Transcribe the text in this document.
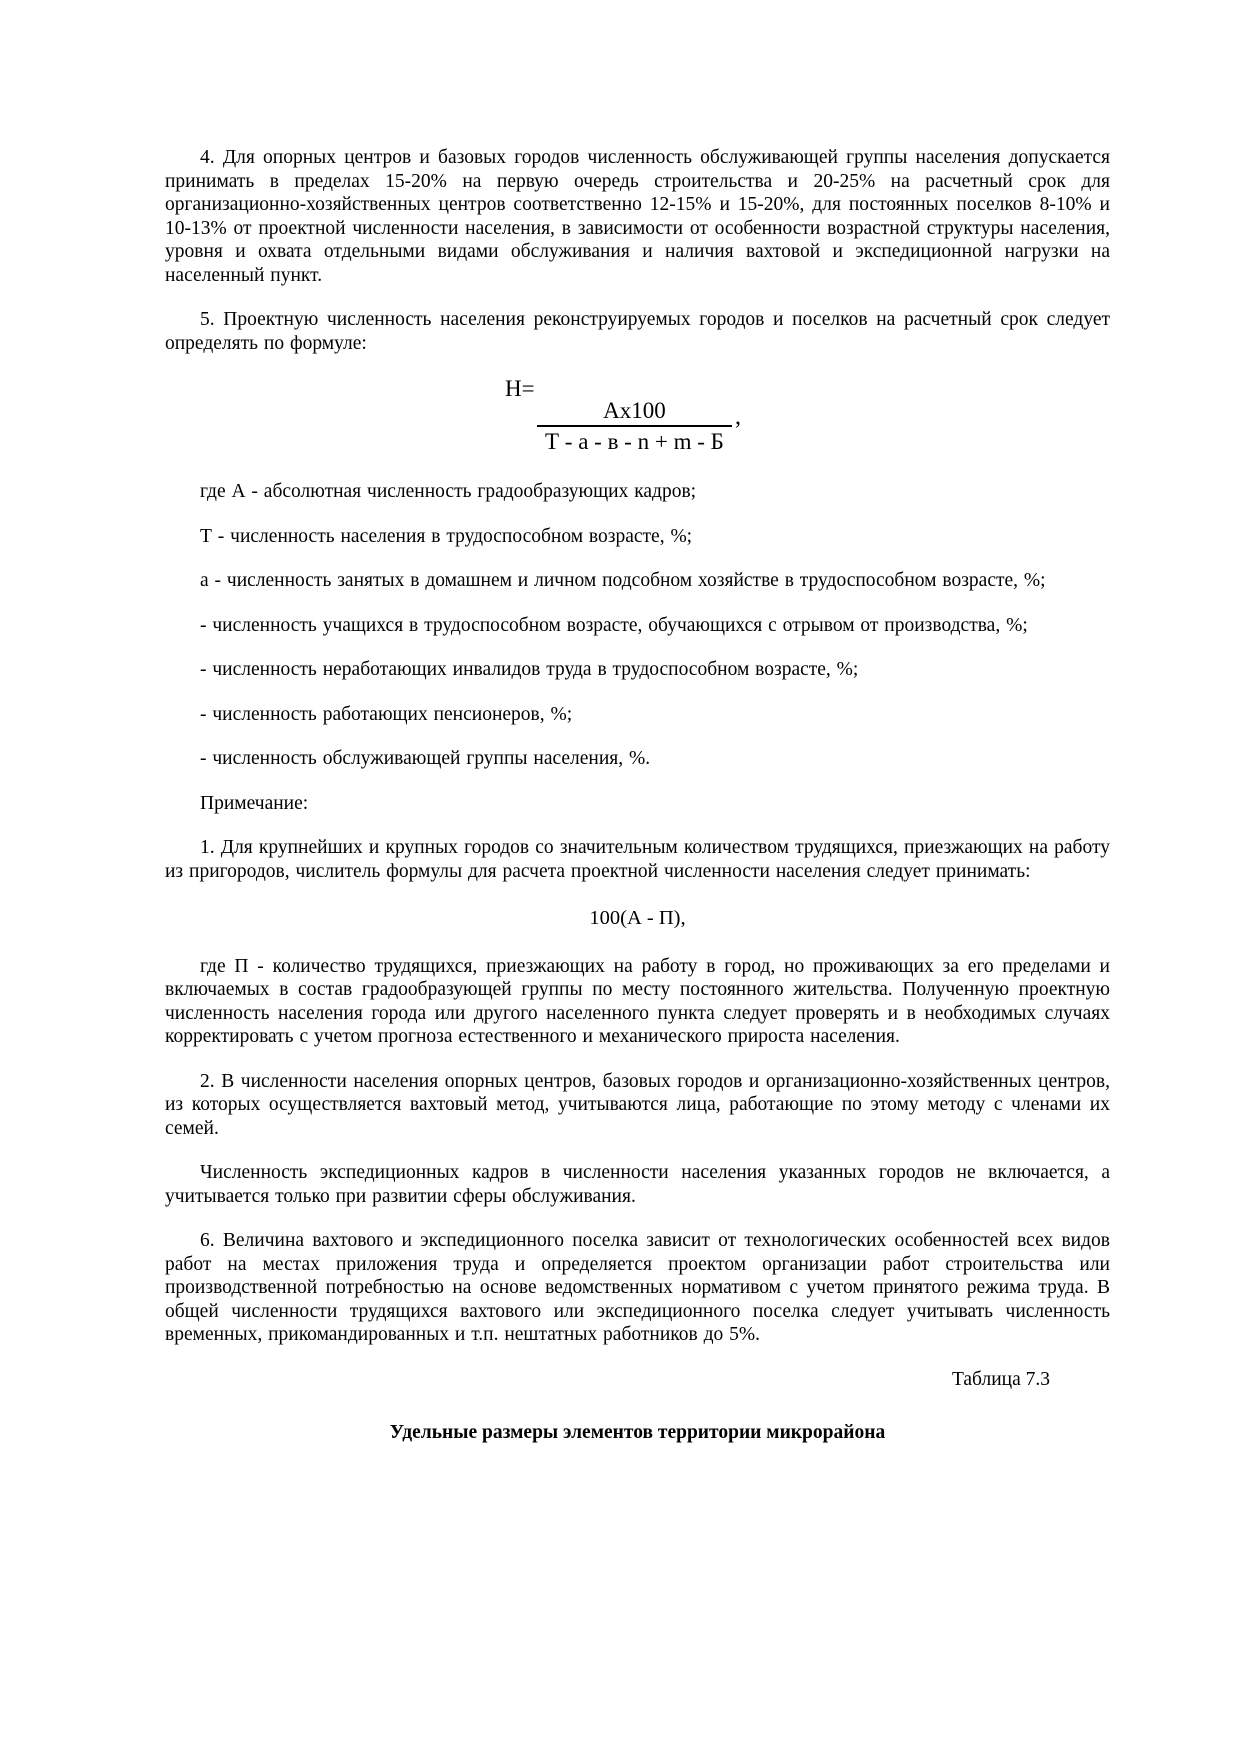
4. Для опорных центров и базовых городов численность обслуживающей группы населения допускается принимать в пределах 15-20% на первую очередь строительства и 20-25% на расчетный срок для организационно-хозяйственных центров соответственно 12-15% и 15-20%, для постоянных поселков 8-10% и 10-13% от проектной численности населения, в зависимости от особенности возрастной структуры населения, уровня и охвата отдельными видами обслуживания и наличия вахтовой и экспедиционной нагрузки на населенный пункт.

5. Проектную численность населения реконструируемых городов и поселков на расчетный срок следует определять по формуле:

Н=
Ах100
Т - а - в - n + m - Б
,

где А - абсолютная численность градообразующих кадров;

Т - численность населения в трудоспособном возрасте, %;

а - численность занятых в домашнем и личном подсобном хозяйстве в трудоспособном возрасте, %;

- численность учащихся в трудоспособном возрасте, обучающихся с отрывом от производства, %;

- численность неработающих инвалидов труда в трудоспособном возрасте, %;

- численность работающих пенсионеров, %;

- численность обслуживающей группы населения, %.

Примечание:

1. Для крупнейших и крупных городов со значительным количеством трудящихся, приезжающих на работу из пригородов, числитель формулы для расчета проектной численности населения следует принимать:

100(А - П),

где П - количество трудящихся, приезжающих на работу в город, но проживающих за его пределами и включаемых в состав градообразующей группы по месту постоянного жительства. Полученную проектную численность населения города или другого населенного пункта следует проверять и в необходимых случаях корректировать с учетом прогноза естественного и механического прироста населения.

2. В численности населения опорных центров, базовых городов и организационно-хозяйственных центров, из которых осуществляется вахтовый метод, учитываются лица, работающие по этому методу с членами их семей.

Численность экспедиционных кадров в численности населения указанных городов не включается, а учитывается только при развитии сферы обслуживания.

6. Величина вахтового и экспедиционного поселка зависит от технологических особенностей всех видов работ на местах приложения труда и определяется проектом организации работ строительства или производственной потребностью на основе ведомственных нормативом с учетом принятого режима труда. В общей численности трудящихся вахтового или экспедиционного поселка следует учитывать численность временных, прикомандированных и т.п. нештатных работников до 5%.

Таблица 7.3

Удельные размеры элементов территории микрорайона
